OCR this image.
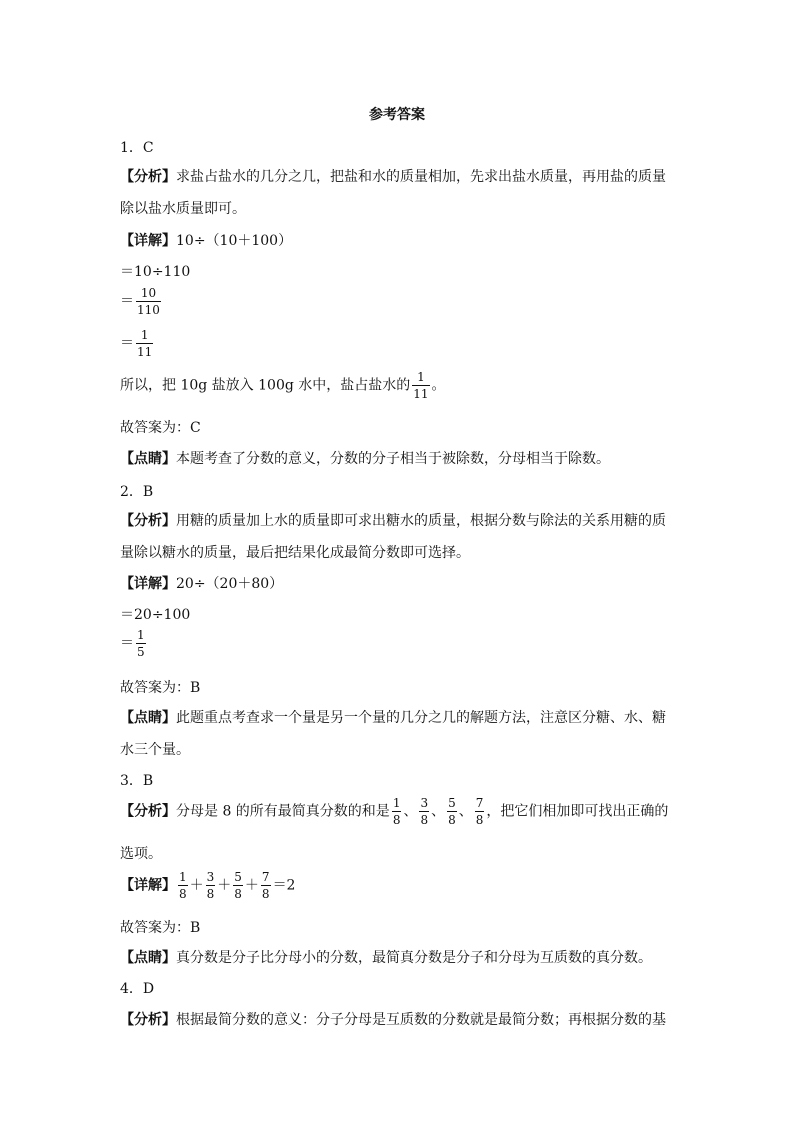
参考答案
1．C
【分析】求盐占盐水的几分之几，把盐和水的质量相加，先求出盐水质量，再用盐的质量
除以盐水质量即可。
【详解】10÷（10＋100）
＝10÷110
＝ $\frac{10}{110}$
＝ $\frac{1}{11}$
所以，把 10g 盐放入 100g 水中，盐占盐水的 $\frac{1}{11}$ 。
故答案为：C
【点睛】本题考查了分数的意义，分数的分子相当于被除数，分母相当于除数。
2．B
【分析】用糖的质量加上水的质量即可求出糖水的质量，根据分数与除法的关系用糖的质
量除以糖水的质量，最后把结果化成最简分数即可选择。
【详解】20÷（20＋80）
＝20÷100
＝ $\frac{1}{5}$
故答案为：B
【点睛】此题重点考查求一个量是另一个量的几分之几的解题方法，注意区分糖、水、糖
水三个量。
3．B
【分析】分母是 8 的所有最简真分数的和是 $\frac{1}{8}$ 、 $\frac{3}{8}$ 、 $\frac{5}{8}$ 、 $\frac{7}{8}$ ，把它们相加即可找出正确的
选项。
【详解】 $\frac{1}{8} + \frac{3}{8} + \frac{5}{8} + \frac{7}{8} =2$
故答案为：B
【点睛】真分数是分子比分母小的分数，最简真分数是分子和分母为互质数的真分数。
4．D
【分析】根据最简分数的意义：分子分母是互质数的分数就是最简分数；再根据分数的基
